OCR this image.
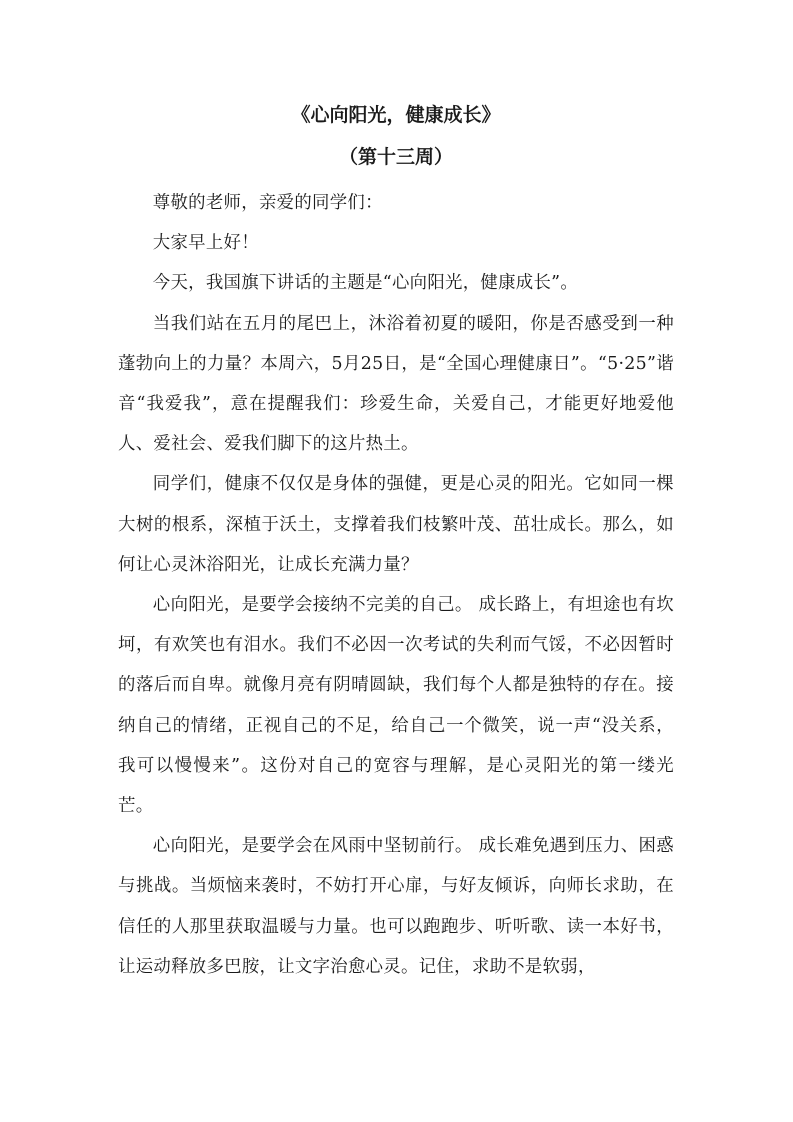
《心向阳光，健康成长》
（第十三周）

尊敬的老师，亲爱的同学们：

大家早上好！

今天，我国旗下讲话的主题是“心向阳光，健康成长”。

当我们站在五月的尾巴上，沐浴着初夏的暖阳，你是否感受到一种蓬勃向上的力量？本周六，5月25日，是“全国心理健康日”。“5·25”谐音“我爱我”，意在提醒我们：珍爱生命，关爱自己，才能更好地爱他人、爱社会、爱我们脚下的这片热土。

同学们，健康不仅仅是身体的强健，更是心灵的阳光。它如同一棵大树的根系，深植于沃土，支撑着我们枝繁叶茂、茁壮成长。那么，如何让心灵沐浴阳光，让成长充满力量？

心向阳光，是要学会接纳不完美的自己。 成长路上，有坦途也有坎坷，有欢笑也有泪水。我们不必因一次考试的失利而气馁，不必因暂时的落后而自卑。就像月亮有阴晴圆缺，我们每个人都是独特的存在。接纳自己的情绪，正视自己的不足，给自己一个微笑，说一声“没关系，我可以慢慢来”。这份对自己的宽容与理解，是心灵阳光的第一缕光芒。

心向阳光，是要学会在风雨中坚韧前行。 成长难免遇到压力、困惑与挑战。当烦恼来袭时，不妨打开心扉，与好友倾诉，向师长求助，在信任的人那里获取温暖与力量。也可以跑跑步、听听歌、读一本好书，让运动释放多巴胺，让文字治愈心灵。记住，求助不是软弱，
